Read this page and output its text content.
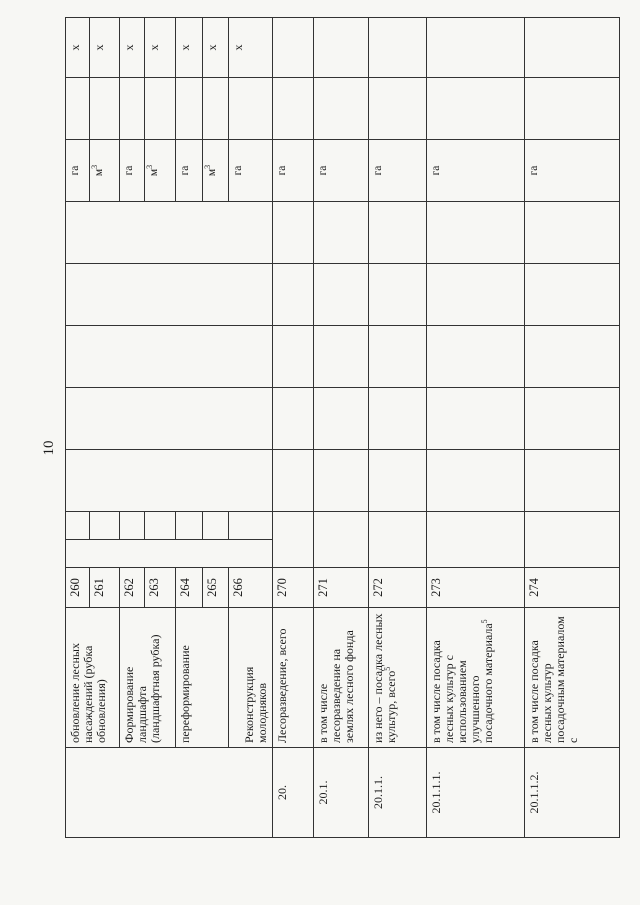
10
	обновление лесных насаждений (рубка обновления)	260								га		х
		261								$м^3$		х
	Формирование ландшафта (ландшафтная рубка)	262								га		х
		263								$м^3$		х
	переформирование	264								га		х
		265								$м^3$		х
	Реконструкция молодняков	266								га		х
20.	Лесоразведение, всего	270								га		
20.1.	в том числе лесоразведение на землях лесного фонда	271								га		
20.1.1.	из него – посадка лесных культур, всего$^5$	272								га		
20.1.1.1.	в том числе посадка лесных культур с использованием улучшенного посадочного материала$^5$	273								га		
20.1.1.2.	в том числе посадка лесных культур посадочным материалом с	274								га		
